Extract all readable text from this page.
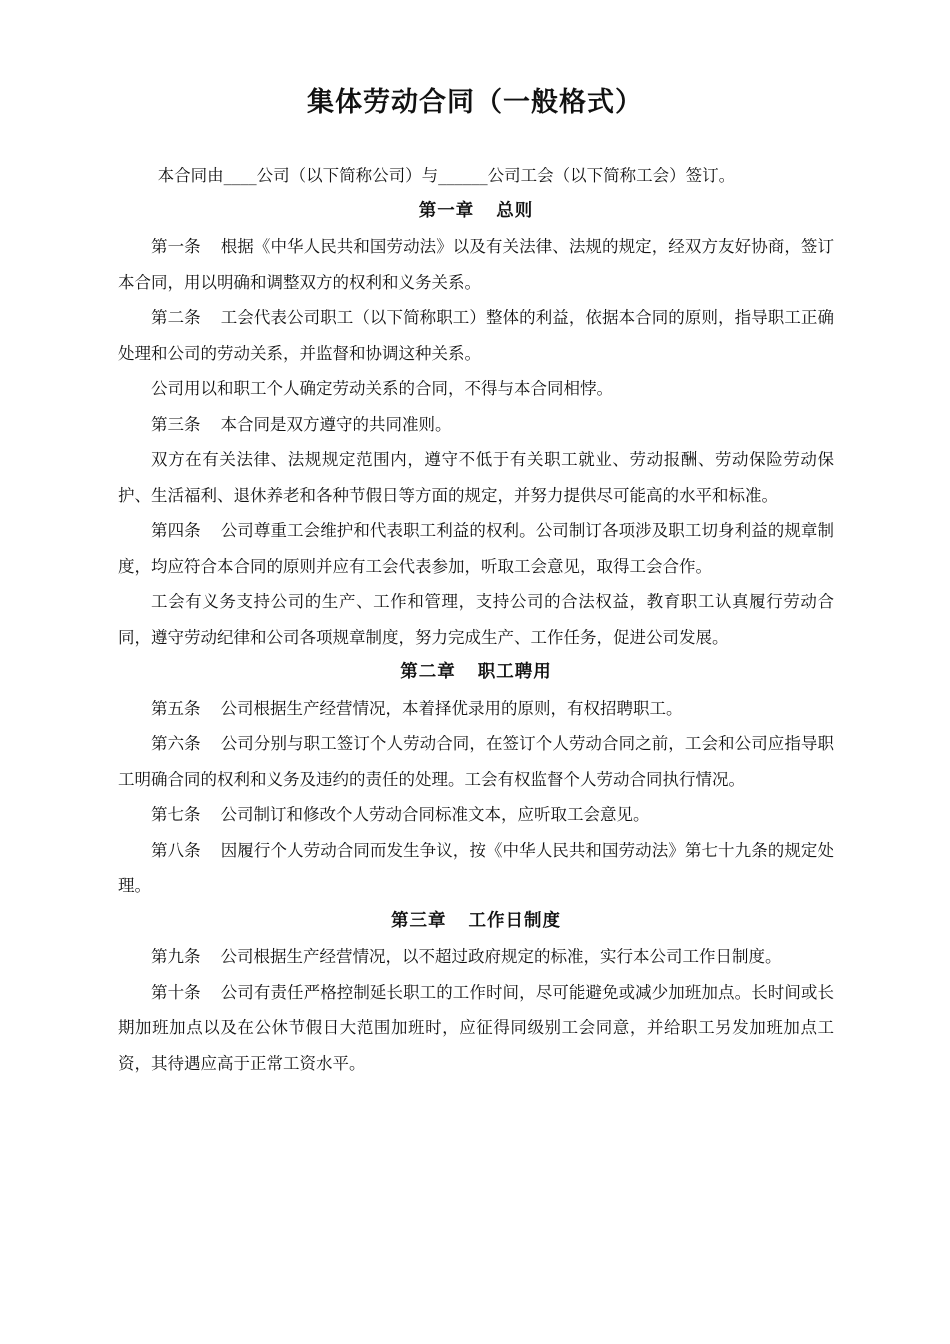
集体劳动合同（一般格式）

本合同由____公司（以下简称公司）与______公司工会（以下简称工会）签订。

第一章 总则

第一条 根据《中华人民共和国劳动法》以及有关法律、法规的规定，经双方友好协商，签订本合同，用以明确和调整双方的权利和义务关系。

第二条 工会代表公司职工（以下简称职工）整体的利益，依据本合同的原则，指导职工正确处理和公司的劳动关系，并监督和协调这种关系。

公司用以和职工个人确定劳动关系的合同，不得与本合同相悖。

第三条 本合同是双方遵守的共同准则。

双方在有关法律、法规规定范围内，遵守不低于有关职工就业、劳动报酬、劳动保险劳动保护、生活福利、退休养老和各种节假日等方面的规定，并努力提供尽可能高的水平和标准。

第四条 公司尊重工会维护和代表职工利益的权利。公司制订各项涉及职工切身利益的规章制度，均应符合本合同的原则并应有工会代表参加，听取工会意见，取得工会合作。

工会有义务支持公司的生产、工作和管理，支持公司的合法权益，教育职工认真履行劳动合同，遵守劳动纪律和公司各项规章制度，努力完成生产、工作任务，促进公司发展。

第二章 职工聘用

第五条 公司根据生产经营情况，本着择优录用的原则，有权招聘职工。

第六条 公司分别与职工签订个人劳动合同，在签订个人劳动合同之前，工会和公司应指导职工明确合同的权利和义务及违约的责任的处理。工会有权监督个人劳动合同执行情况。

第七条 公司制订和修改个人劳动合同标准文本，应听取工会意见。

第八条 因履行个人劳动合同而发生争议，按《中华人民共和国劳动法》第七十九条的规定处理。

第三章 工作日制度

第九条 公司根据生产经营情况，以不超过政府规定的标准，实行本公司工作日制度。

第十条 公司有责任严格控制延长职工的工作时间，尽可能避免或减少加班加点。长时间或长期加班加点以及在公休节假日大范围加班时，应征得同级别工会同意，并给职工另发加班加点工资，其待遇应高于正常工资水平。
